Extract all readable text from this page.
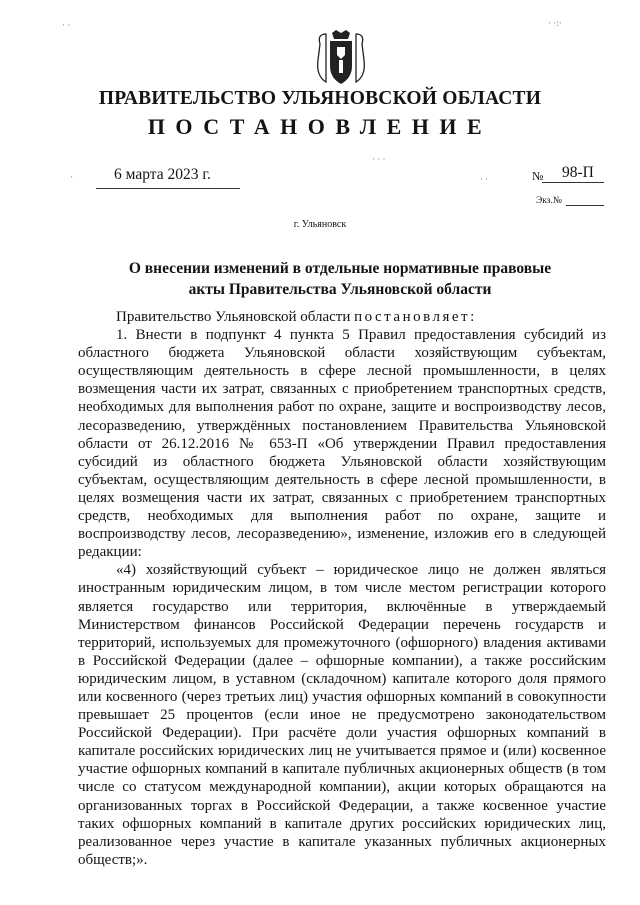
ПРАВИТЕЛЬСТВО УЛЬЯНОВСКОЙ ОБЛАСТИ
ПОСТАНОВЛЕНИЕ
6 марта 2023 г.	№ 98-П
Экз.№
г. Ульяновск
О внесении изменений в отдельные нормативные правовые акты Правительства Ульяновской области

Правительство Ульяновской области постановляет:

1. Внести в подпункт 4 пункта 5 Правил предоставления субсидий из областного бюджета Ульяновской области хозяйствующим субъектам, осуществляющим деятельность в сфере лесной промышленности, в целях возмещения части их затрат, связанных с приобретением транспортных средств, необходимых для выполнения работ по охране, защите и воспроизводству лесов, лесоразведению, утверждённых постановлением Правительства Ульяновской области от 26.12.2016 № 653-П «Об утверждении Правил предоставления субсидий из областного бюджета Ульяновской области хозяйствующим субъектам, осуществляющим деятельность в сфере лесной промышленности, в целях возмещения части их затрат, связанных с приобретением транспортных средств, необходимых для выполнения работ по охране, защите и воспроизводству лесов, лесоразведению», изменение, изложив его в следующей редакции:

«4) хозяйствующий субъект – юридическое лицо не должен являться иностранным юридическим лицом, в том числе местом регистрации которого является государство или территория, включённые в утверждаемый Министерством финансов Российской Федерации перечень государств и территорий, используемых для промежуточного (офшорного) владения активами в Российской Федерации (далее – офшорные компании), а также российским юридическим лицом, в уставном (складочном) капитале которого доля прямого или косвенного (через третьих лиц) участия офшорных компаний в совокупности превышает 25 процентов (если иное не предусмотрено законодательством Российской Федерации). При расчёте доли участия офшорных компаний в капитале российских юридических лиц не учитывается прямое и (или) косвенное участие офшорных компаний в капитале публичных акционерных обществ (в том числе со статусом международной компании), акции которых обращаются на организованных торгах в Российской Федерации, а также косвенное участие таких офшорных компаний в капитале других российских юридических лиц, реализованное через участие в капитале указанных публичных акционерных обществ;».

· ·	· ·:·
· · ·
·	· ·
